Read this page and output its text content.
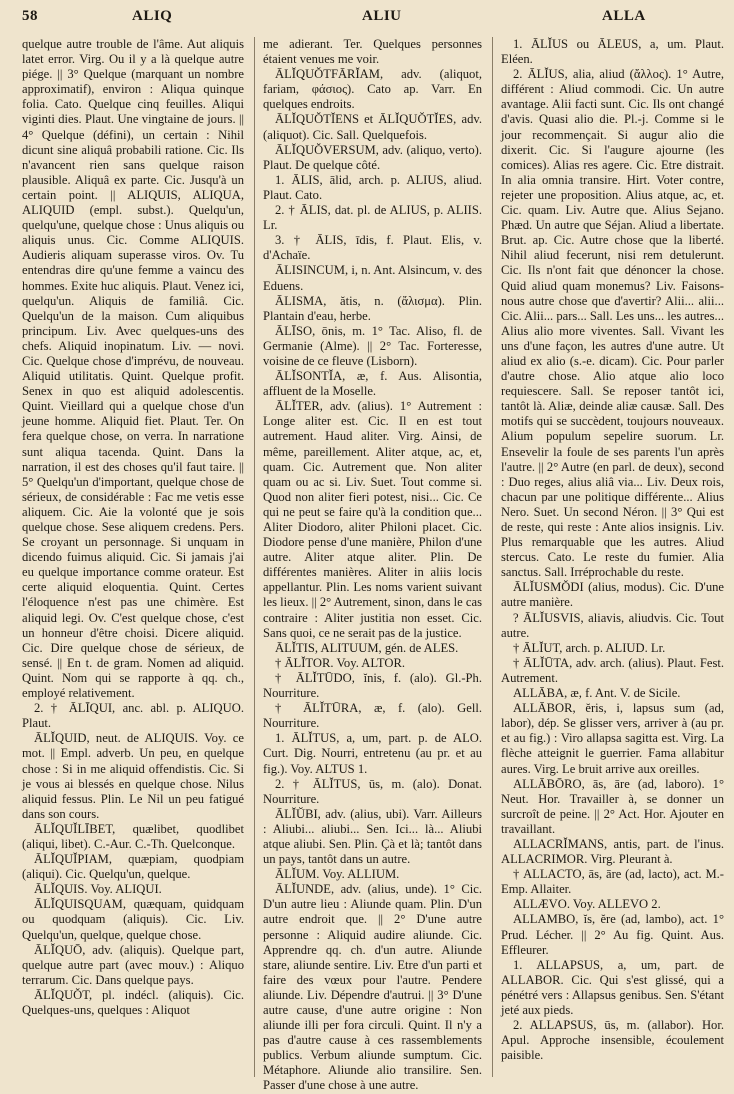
58	ALIQ	ALIU	ALLA

quelque autre trouble de l'âme. Aut aliquis latet error. Virg. Ou il y a là quelque autre piége. || 3° Quelque (marquant un nombre approximatif), environ : Aliqua quinque folia. Cato. Quelque cinq feuilles. Aliqui viginti dies. Plaut. Une vingtaine de jours. || 4° Quelque (défini), un certain : Nihil dicunt sine aliquâ probabili ratione. Cic. Ils n'avancent rien sans quelque raison plausible. Aliquâ ex parte. Cic. Jusqu'à un certain point. || ALIQUIS, ALIQUA, ALIQUID (empl. subst.). Quelqu'un, quelqu'une, quelque chose : Unus aliquis ou aliquis unus. Cic. Comme ALIQUIS. Audieris aliquam superasse viros. Ov. Tu entendras dire qu'une femme a vaincu des hommes. Exite huc aliquis. Plaut. Venez ici, quelqu'un. Aliquis de familiâ. Cic. Quelqu'un de la maison. Cum aliquibus principum. Liv. Avec quelques-uns des chefs. Aliquid inopinatum. Liv. — novi. Cic. Quelque chose d'imprévu, de nouveau. Aliquid utilitatis. Quint. Quelque profit. Senex in quo est aliquid adolescentis. Quint. Vieillard qui a quelque chose d'un jeune homme. Aliquid fiet. Plaut. Ter. On fera quelque chose, on verra. In narratione sunt aliqua tacenda. Quint. Dans la narration, il est des choses qu'il faut taire. || 5° Quelqu'un d'important, quelque chose de sérieux, de considérable : Fac me vetis esse aliquem. Cic. Aie la volonté que je sois quelque chose. Sese aliquem credens. Pers. Se croyant un personnage. Si unquam in dicendo fuimus aliquid. Cic. Si jamais j'ai eu quelque importance comme orateur. Est certe aliquid eloquentia. Quint. Certes l'éloquence n'est pas une chimère. Est aliquid legi. Ov. C'est quelque chose, c'est un honneur d'être choisi. Dicere aliquid. Cic. Dire quelque chose de sérieux, de sensé. || En t. de gram. Nomen ad aliquid. Quint. Nom qui se rapporte à qq. ch., employé relativement.

2. † ĀLĪQUI, anc. abl. p. ALIQUO. Plaut.

ĀLĬQUID, neut. de ALIQUIS. Voy. ce mot. || Empl. adverb. Un peu, en quelque chose : Si in me aliquid offendistis. Cic. Si je vous ai blessés en quelque chose. Nilus aliquid fessus. Plin. Le Nil un peu fatigué dans son cours.

ĀLĬQUĬLĪBET, quælibet, quodlibet (aliqui, libet). C.-Aur. C.-Th. Quelconque.

ĀLĬQUĬPIAM, quæpiam, quodpiam (aliqui). Cic. Quelqu'un, quelque.

ĀLĬQUIS. Voy. ALIQUI.

ĀLĬQUISQUAM, quæquam, quidquam ou quodquam (aliquis). Cic. Liv. Quelqu'un, quelque, quelque chose.

ĀLĬQUŌ, adv. (aliquis). Quelque part, quelque autre part (avec mouv.) : Aliquo terrarum. Cic. Dans quelque pays.

ĀLĬQUŎT, pl. indécl. (aliquis). Cic. Quelques-uns, quelques : Aliquot

me adierant. Ter. Quelques personnes étaient venues me voir.

ĀLĬQUŎTFĀRĬAM, adv. (aliquot, fariam, φάσιος). Cato ap. Varr. En quelques endroits.

ĀLĬQUŎTĬENS et ĀLĬQUŎTĬES, adv. (aliquot). Cic. Sall. Quelquefois.

ĀLĬQUŎVERSUM, adv. (aliquo, verto). Plaut. De quelque côté.

1. ĀLIS, ālid, arch. p. ALIUS, aliud. Plaut. Cato.

2. † ĀLIS, dat. pl. de ALIUS, p. ALIIS. Lr.

3. † ĀLIS, īdis, f. Plaut. Elis, v. d'Achaïe.

ĀLISINCUM, i, n. Ant. Alsincum, v. des Eduens.

ĀLISMA, ătis, n. (ἄλισμα). Plin. Plantain d'eau, herbe.

ĀLĪSO, ōnis, m. 1° Tac. Aliso, fl. de Germanie (Alme). || 2° Tac. Forteresse, voisine de ce fleuve (Lisborn).

ĀLĬSONTĬA, æ, f. Aus. Alisontia, affluent de la Moselle.

ĀLĬTER, adv. (alius). 1° Autrement : Longe aliter est. Cic. Il en est tout autrement. Haud aliter. Virg. Ainsi, de même, pareillement. Aliter atque, ac, et, quam. Cic. Autrement que. Non aliter quam ou ac si. Liv. Suet. Tout comme si. Quod non aliter fieri potest, nisi... Cic. Ce qui ne peut se faire qu'à la condition que... Aliter Diodoro, aliter Philoni placet. Cic. Diodore pense d'une manière, Philon d'une autre. Aliter atque aliter. Plin. De différentes manières. Aliter in aliis locis appellantur. Plin. Les noms varient suivant les lieux. || 2° Autrement, sinon, dans le cas contraire : Aliter justitia non esset. Cic. Sans quoi, ce ne serait pas de la justice.

ĀLĬTIS, ALITUUM, gén. de ALES.

† ĀLĬTOR. Voy. ALTOR.

† ĀLĬTŪDO, ĭnis, f. (alo). Gl.-Ph. Nourriture.

† ĀLĬTŪRA, æ, f. (alo). Gell. Nourriture.

1. ĀLĬTUS, a, um, part. p. de ALO. Curt. Dig. Nourri, entretenu (au pr. et au fig.). Voy. ALTUS 1.

2. † ĀLĬTUS, ūs, m. (alo). Donat. Nourriture.

ĀLĬŬBI, adv. (alius, ubi). Varr. Ailleurs : Aliubi... aliubi... Sen. Ici... là... Aliubi atque aliubi. Sen. Plin. Çà et là; tantôt dans un pays, tantôt dans un autre.

ĀLĬUM. Voy. ALLIUM.

ĀLĬUNDE, adv. (alius, unde). 1° Cic. D'un autre lieu : Aliunde quam. Plin. D'un autre endroit que. || 2° D'une autre personne : Aliquid audire aliunde. Cic. Apprendre qq. ch. d'un autre. Aliunde stare, aliunde sentire. Liv. Etre d'un parti et faire des vœux pour l'autre. Pendere aliunde. Liv. Dépendre d'autrui. || 3° D'une autre cause, d'une autre origine : Non aliunde illi per fora circuli. Quint. Il n'y a pas d'autre cause à ces rassemblements publics. Verbum aliunde sumptum. Cic. Métaphore. Aliunde alio transilire. Sen. Passer d'une chose à une autre.

1. ĀLĬUS ou ĀLEUS, a, um. Plaut. Eléen.

2. ĀLĬUS, alia, aliud (ἄλλος). 1° Autre, différent : Aliud commodi. Cic. Un autre avantage. Alii facti sunt. Cic. Ils ont changé d'avis. Quasi alio die. Pl.-j. Comme si le jour recommençait. Si augur alio die dixerit. Cic. Si l'augure ajourne (les comices). Alias res agere. Cic. Etre distrait. In alia omnia transire. Hirt. Voter contre, rejeter une proposition. Alius atque, ac, et. Cic. quam. Liv. Autre que. Alius Sejano. Phæd. Un autre que Séjan. Aliud a libertate. Brut. ap. Cic. Autre chose que la liberté. Nihil aliud fecerunt, nisi rem detulerunt. Cic. Ils n'ont fait que dénoncer la chose. Quid aliud quam monemus? Liv. Faisons-nous autre chose que d'avertir? Alii... alii... Cic. Alii... pars... Sall. Les uns... les autres... Alius alio more viventes. Sall. Vivant les uns d'une façon, les autres d'une autre. Ut aliud ex alio (s.-e. dicam). Cic. Pour parler d'autre chose. Alio atque alio loco requiescere. Sall. Se reposer tantôt ici, tantôt là. Aliæ, deinde aliæ causæ. Sall. Des motifs qui se succèdent, toujours nouveaux. Alium populum sepelire suorum. Lr. Ensevelir la foule de ses parents l'un après l'autre. || 2° Autre (en parl. de deux), second : Duo reges, alius aliâ via... Liv. Deux rois, chacun par une politique différente... Alius Nero. Suet. Un second Néron. || 3° Qui est de reste, qui reste : Ante alios insignis. Liv. Plus remarquable que les autres. Aliud stercus. Cato. Le reste du fumier. Alia sanctus. Sall. Irréprochable du reste.

ĀLĬUSMŎDI (alius, modus). Cic. D'une autre manière.

? ĀLĬUSVIS, aliavis, aliudvis. Cic. Tout autre.

† ĀLĬUT, arch. p. ALIUD. Lr.

† ĀLĬŪTA, adv. arch. (alius). Plaut. Fest. Autrement.

ALLĀBA, æ, f. Ant. V. de Sicile.

ALLĀBOR, ĕris, i, lapsus sum (ad, labor), dép. Se glisser vers, arriver à (au pr. et au fig.) : Viro allapsa sagitta est. Virg. La flèche atteignit le guerrier. Fama allabitur aures. Virg. Le bruit arrive aux oreilles.

ALLĀBŌRO, ās, āre (ad, laboro). 1° Neut. Hor. Travailler à, se donner un surcroît de peine. || 2° Act. Hor. Ajouter en travaillant.

ALLACRĬMANS, antis, part. de l'inus. ALLACRIMOR. Virg. Pleurant à.

† ALLACTO, ās, āre (ad, lacto), act. M.-Emp. Allaiter.

ALLÆVO. Voy. ALLEVO 2.

ALLAMBO, ĭs, ĕre (ad, lambo), act. 1° Prud. Lécher. || 2° Au fig. Quint. Aus. Effleurer.

1. ALLAPSUS, a, um, part. de ALLABOR. Cic. Qui s'est glissé, qui a pénétré vers : Allapsus genibus. Sen. S'étant jeté aux pieds.

2. ALLAPSUS, ūs, m. (allabor). Hor. Apul. Approche insensible, écoulement paisible.
